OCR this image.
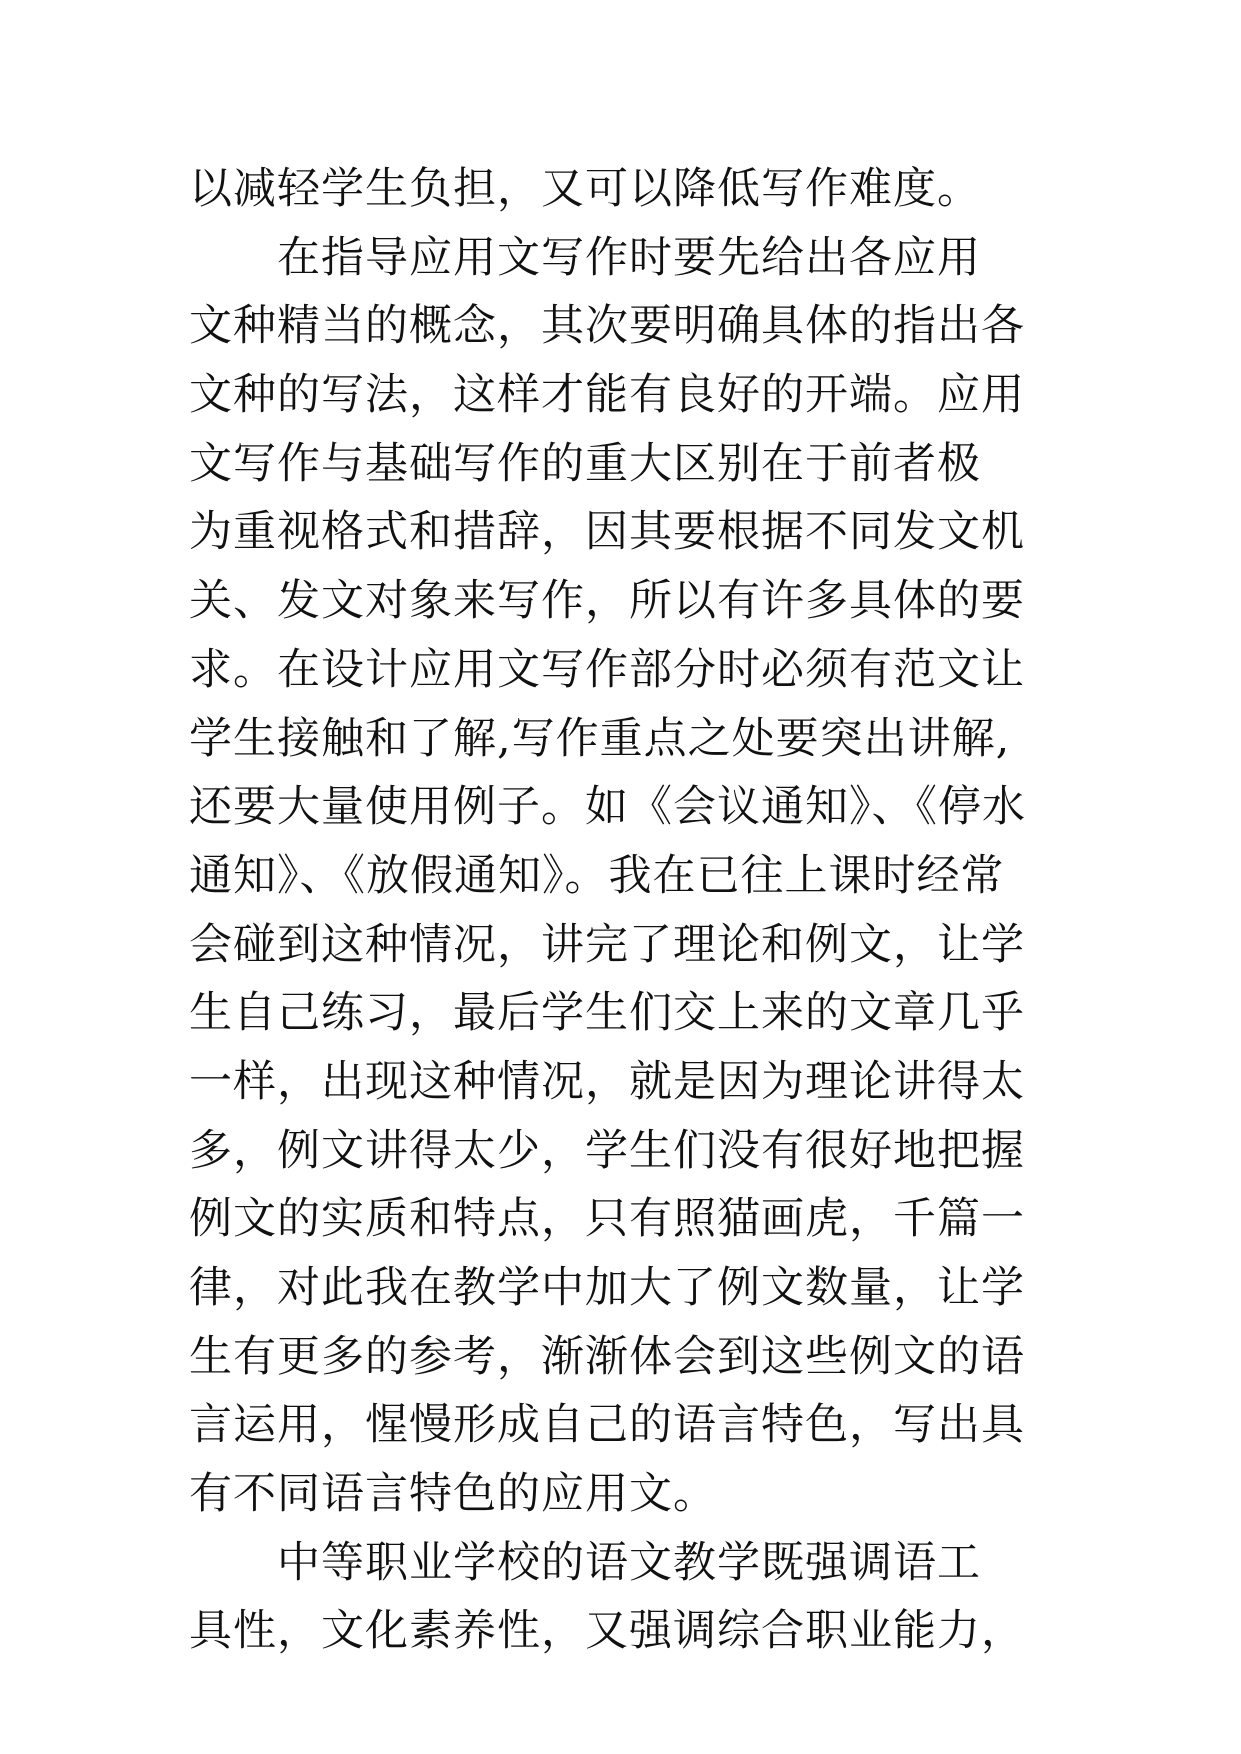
以减轻学生负担，又可以降低写作难度。
在指导应用文写作时要先给出各应用
文种精当的概念，其次要明确具体的指出各
文种的写法，这样才能有良好的开端。应用
文写作与基础写作的重大区别在于前者极
为重视格式和措辞，因其要根据不同发文机
关、发文对象来写作，所以有许多具体的要
求。在设计应用文写作部分时必须有范文让
学生接触和了解,写作重点之处要突出讲解,
还要大量使用例子。如《会议通知》、《停水
通知》、《放假通知》。我在已往上课时经常
会碰到这种情况，讲完了理论和例文，让学
生自己练习，最后学生们交上来的文章几乎
一样，出现这种情况，就是因为理论讲得太
多，例文讲得太少，学生们没有很好地把握
例文的实质和特点，只有照猫画虎，千篇一
律，对此我在教学中加大了例文数量，让学
生有更多的参考，渐渐体会到这些例文的语
言运用，惺慢形成自己的语言特色，写出具
有不同语言特色的应用文。
中等职业学校的语文教学既强调语工
具性，文化素养性，又强调综合职业能力，
